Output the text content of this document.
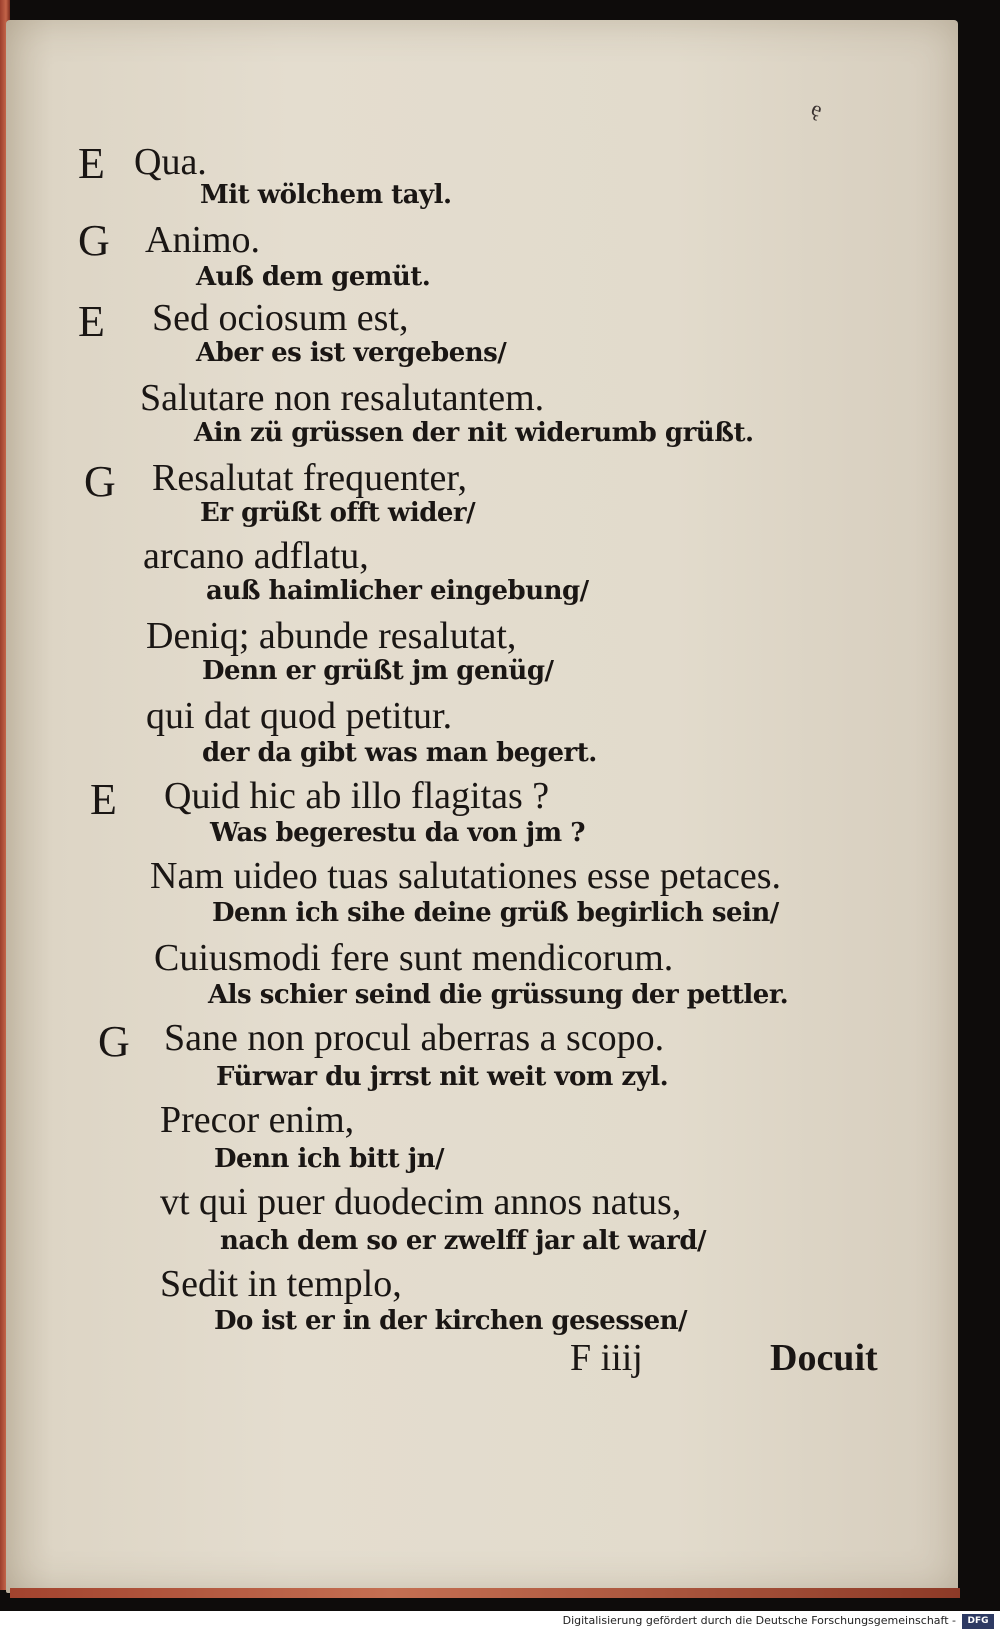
ę
E Qua.
Mit wölchem tayl.
G Animo.
Auß dem gemüt.
E Sed ociosum est,
Aber es ist vergebens/
Salutare non resalutantem.
Ain zü grüssen der nit widerumb grüßt.
G Resalutat frequenter,
Er grüßt offt wider/
arcano adflatu,
auß haimlicher eingebung/
Deniq; abunde resalutat,
Denn er grüßt jm genüg/
qui dat quod petitur.
der da gibt was man begert.
E Quid hic ab illo flagitas ?
Was begerestu da von jm ?
Nam uideo tuas salutationes esse petaces.
Denn ich sihe deine grüß begirlich sein/
Cuiusmodi fere sunt mendicorum.
Als schier seind die grüssung der pettler.
G Sane non procul aberras a scopo.
Fürwar du jrrst nit weit vom zyl.
Precor enim,
Denn ich bitt jn/
vt qui puer duodecim annos natus,
nach dem so er zwelff jar alt ward/
Sedit in templo,
Do ist er in der kirchen gesessen/
F iiij	Docuit
Digitalisierung gefördert durch die Deutsche Forschungsgemeinschaft -	DFG
